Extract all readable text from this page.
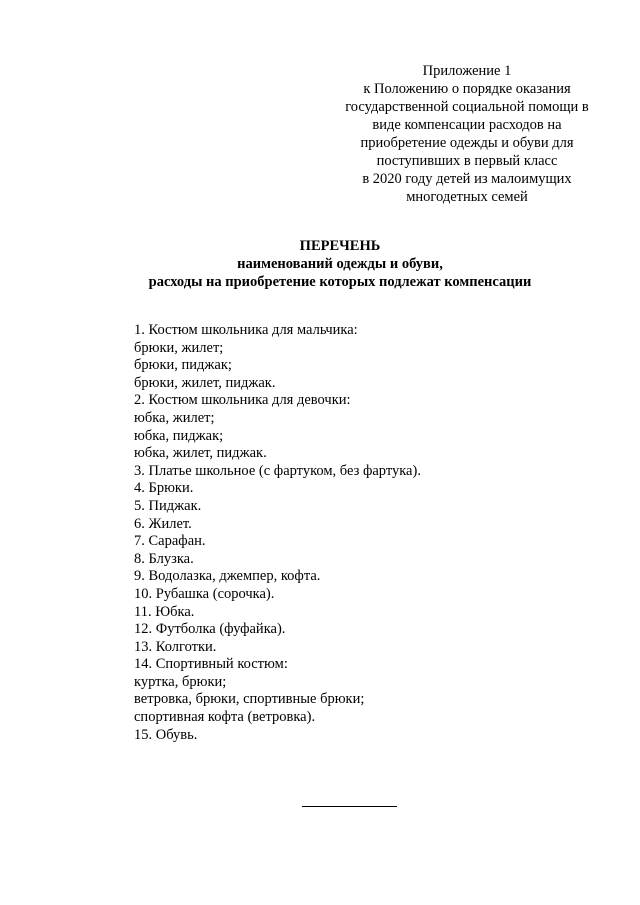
Приложение 1
к Положению о порядке оказания
государственной социальной помощи в
виде компенсации расходов на
приобретение одежды и обуви для
поступивших в первый класс
в 2020 году детей из малоимущих
многодетных семей
ПЕРЕЧЕНЬ
наименований одежды и обуви,
расходы на приобретение которых подлежат компенсации
1. Костюм школьника для мальчика:
брюки, жилет;
брюки, пиджак;
брюки, жилет, пиджак.
2. Костюм школьника для девочки:
юбка, жилет;
юбка, пиджак;
юбка, жилет, пиджак.
3. Платье школьное (с фартуком, без фартука).
4. Брюки.
5. Пиджак.
6. Жилет.
7. Сарафан.
8. Блузка.
9. Водолазка, джемпер, кофта.
10. Рубашка (сорочка).
11. Юбка.
12. Футболка (фуфайка).
13. Колготки.
14. Спортивный костюм:
куртка, брюки;
ветровка, брюки, спортивные брюки;
спортивная кофта (ветровка).
15. Обувь.
